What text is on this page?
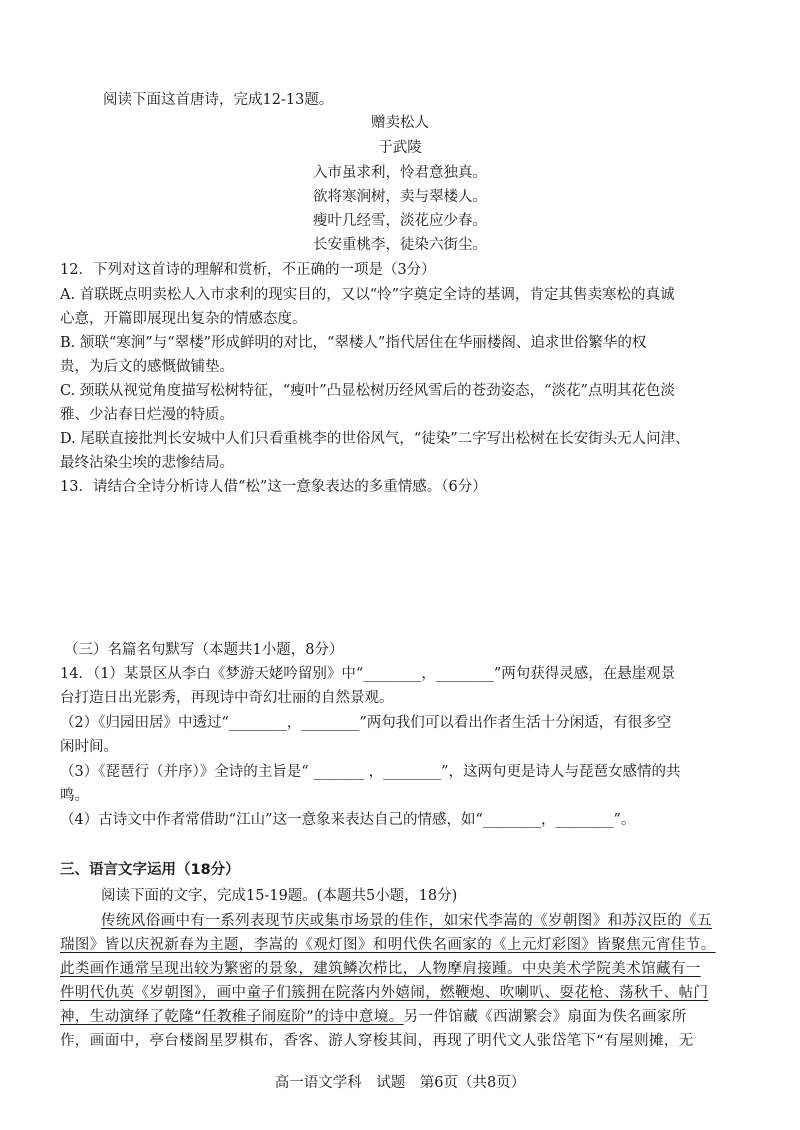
阅读下面这首唐诗，完成12-13题。
赠卖松人
于武陵
入市虽求利，怜君意独真。
欲将寒涧树，卖与翠楼人。
瘦叶几经雪，淡花应少春。
长安重桃李，徒染六街尘。
12．下列对这首诗的理解和赏析，不正确的一项是（3分）
A. 首联既点明卖松人入市求利的现实目的，又以“怜”字奠定全诗的基调，肯定其售卖寒松的真诚
心意，开篇即展现出复杂的情感态度。
B. 颔联“寒涧”与“翠楼”形成鲜明的对比，“翠楼人”指代居住在华丽楼阁、追求世俗繁华的权
贵，为后文的感慨做铺垫。
C. 颈联从视觉角度描写松树特征，“瘦叶”凸显松树历经风雪后的苍劲姿态，“淡花”点明其花色淡
雅、少沾春日烂漫的特质。
D. 尾联直接批判长安城中人们只看重桃李的世俗风气，“徒染”二字写出松树在长安街头无人问津、
最终沾染尘埃的悲惨结局。
13．请结合全诗分析诗人借“松”这一意象表达的多重情感。（6分）
（三）名篇名句默写（本题共1小题，8分）
14．（1）某景区从李白《梦游天姥吟留别》中“________，________”两句获得灵感，在悬崖观景
台打造日出光影秀，再现诗中奇幻壮丽的自然景观。
（2）《归园田居》中透过“________，________”两句我们可以看出作者生活十分闲适，有很多空
闲时间。
（3）《琵琶行（并序）》全诗的主旨是“ _______ ，________”，这两句更是诗人与琵琶女感情的共
鸣。
（4）古诗文中作者常借助“江山”这一意象来表达自己的情感，如“________，________”。
三、语言文字运用（18分）
阅读下面的文字，完成15-19题。(本题共5小题，18分)
传统风俗画中有一系列表现节庆或集市场景的佳作，如宋代李嵩的《岁朝图》和苏汉臣的《五
瑞图》皆以庆祝新春为主题，李嵩的《观灯图》和明代佚名画家的《上元灯彩图》皆聚焦元宵佳节。
此类画作通常呈现出较为繁密的景象，建筑鳞次栉比，人物摩肩接踵。中央美术学院美术馆藏有一
件明代仇英《岁朝图》，画中童子们簇拥在院落内外嬉闹，燃鞭炮、吹喇叭、耍花枪、荡秋千、帖门
神，生动演绎了乾隆“任教稚子闹庭阶”的诗中意境。另一件馆藏《西湖繁会》扇面为佚名画家所
作，画面中，亭台楼阁星罗棋布，香客、游人穿梭其间，再现了明代文人张岱笔下“有屋则摊，无
高一语文学科　试题　第6页（共8页）
